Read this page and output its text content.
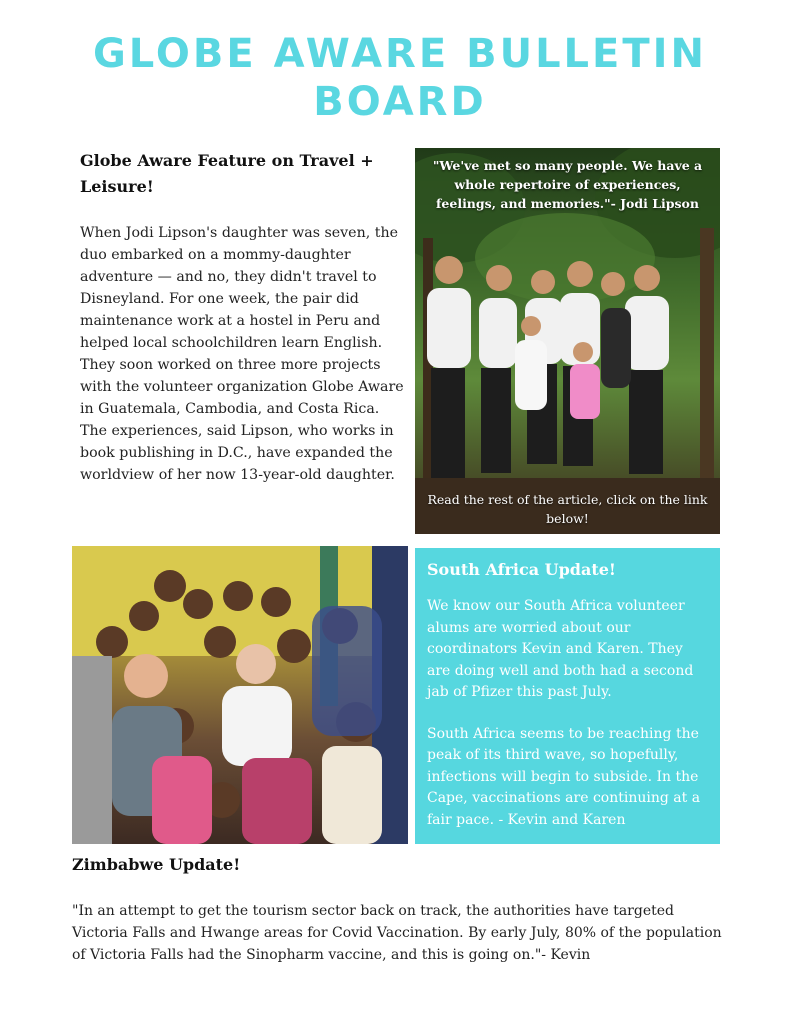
GLOBE AWARE BULLETIN BOARD
Globe Aware Feature on Travel + Leisure!

When Jodi Lipson's daughter was seven, the duo embarked on a mommy-daughter adventure — and no, they didn't travel to Disneyland. For one week, the pair did maintenance work at a hostel in Peru and helped local schoolchildren learn English. They soon worked on three more projects with the volunteer organization Globe Aware in Guatemala, Cambodia, and Costa Rica. The experiences, said Lipson, who works in book publishing in D.C., have expanded the worldview of her now 13-year-old daughter.

"We've met so many people. We have a whole repertoire of experiences, feelings, and memories."- Jodi Lipson
Read the rest of the article, click on the link below!
South Africa Update!

We know our South Africa volunteer alums are worried about our coordinators Kevin and Karen. They are doing well and both had a second jab of Pfizer this past July.

South Africa seems to be reaching the peak of its third wave, so hopefully, infections will begin to subside. In the Cape, vaccinations are continuing at a fair pace. - Kevin and Karen

Zimbabwe Update!

"In an attempt to get the tourism sector back on track, the authorities have targeted Victoria Falls and Hwange areas for Covid Vaccination. By early July, 80% of the population of Victoria Falls had the Sinopharm vaccine, and this is going on."- Kevin
